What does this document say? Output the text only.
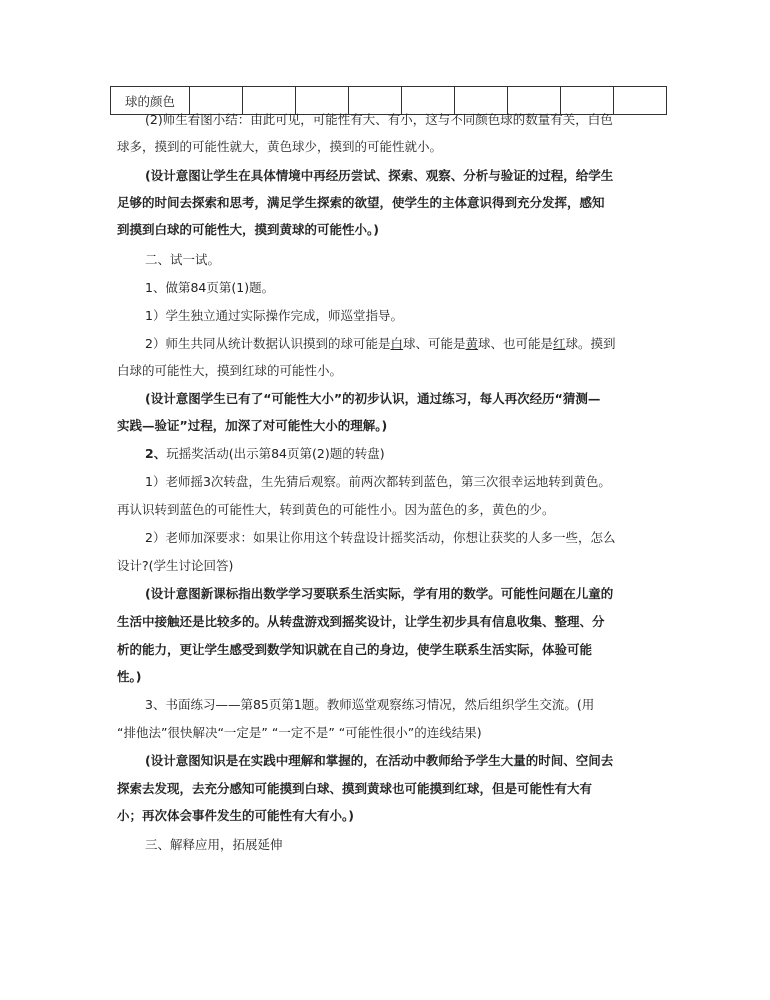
球的颜色									
(2)师生看图小结：由此可见，可能性有大、有小，这与不同颜色球的数量有关，白色
球多，摸到的可能性就大，黄色球少，摸到的可能性就小。
(设计意图让学生在具体情境中再经历尝试、探索、观察、分析与验证的过程，给学生
足够的时间去探索和思考，满足学生探索的欲望，使学生的主体意识得到充分发挥，感知
到摸到白球的可能性大，摸到黄球的可能性小。)
二、试一试。
1、做第84页第(1)题。
1）学生独立通过实际操作完成，师巡堂指导。
2）师生共同从统计数据认识摸到的球可能是白球、可能是黄球、也可能是红球。摸到
白球的可能性大，摸到红球的可能性小。
(设计意图学生已有了“可能性大小”的初步认识，通过练习，每人再次经历“猜测—
实践—验证”过程，加深了对可能性大小的理解。)
2、玩摇奖活动(出示第84页第(2)题的转盘)
1）老师摇3次转盘，生先猜后观察。前两次都转到蓝色，第三次很幸运地转到黄色。
再认识转到蓝色的可能性大，转到黄色的可能性小。因为蓝色的多，黄色的少。
2）老师加深要求：如果让你用这个转盘设计摇奖活动，你想让获奖的人多一些，怎么
设计?(学生讨论回答)
(设计意图新课标指出数学学习要联系生活实际，学有用的数学。可能性问题在儿童的
生活中接触还是比较多的。从转盘游戏到摇奖设计，让学生初步具有信息收集、整理、分
析的能力，更让学生感受到数学知识就在自己的身边，使学生联系生活实际，体验可能
性。)
3、书面练习——第85页第1题。教师巡堂观察练习情况，然后组织学生交流。(用
“排他法”很快解决“一定是” “一定不是” “可能性很小”的连线结果)
(设计意图知识是在实践中理解和掌握的，在活动中教师给予学生大量的时间、空间去
探索去发现，去充分感知可能摸到白球、摸到黄球也可能摸到红球，但是可能性有大有
小；再次体会事件发生的可能性有大有小。)
三、解释应用，拓展延伸
